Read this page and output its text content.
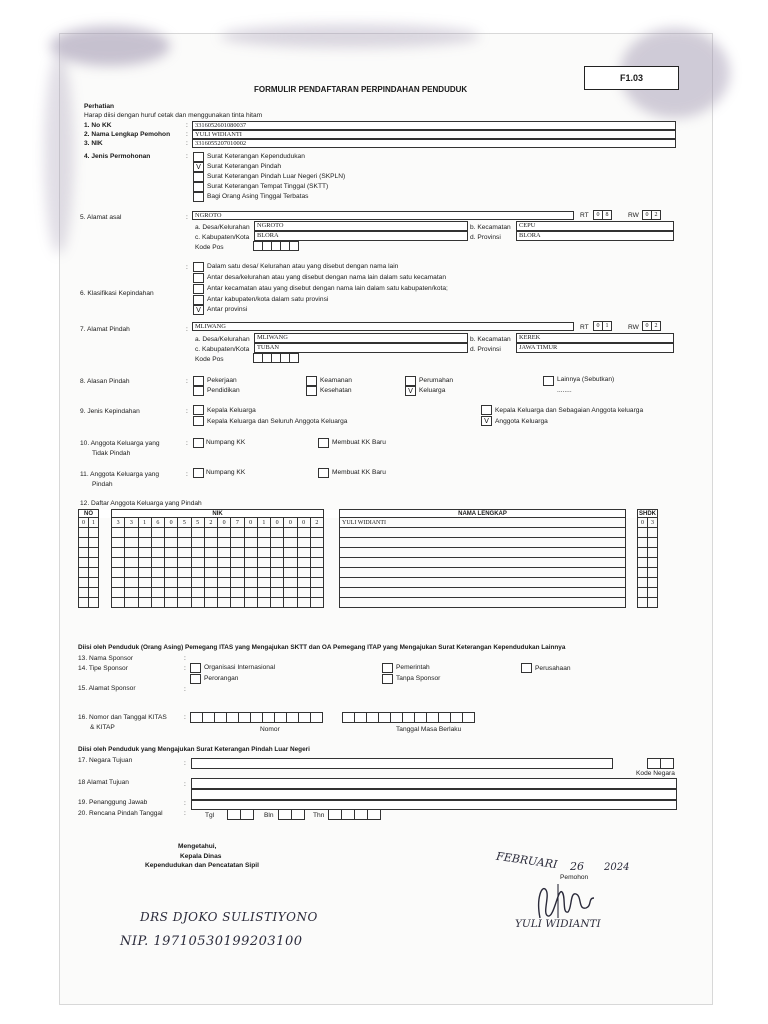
F1.03
FORMULIR PENDAFTARAN PERPINDAHAN PENDUDUK
Perhatian
Harap diisi dengan huruf cetak dan menggunakan tinta hitam
1. No KK	: 3316052601080037
2. Nama Lengkap Pemohon : YULI WIDIANTI
3. NIK	: 3316055207010002
4. Jenis Permohonan	:	Surat Keterangan Kependudukan
V Surat Keterangan Pindah
Surat Keterangan Pindah Luar Negeri (SKPLN)
Surat Keterangan Tempat Tinggal (SKTT)
Bagi Orang Asing Tinggal Terbatas
5. Alamat asal	: NGROTO	RT	0	8	RW	0	2
a. Desa/Kelurahan NGROTO	b. Kecamatan CEPU
c. Kabupaten/Kota BLORA	d. Provinsi	BLORA
Kode Pos
6. Klasifikasi Kepindahan
:	Dalam satu desa/ Kelurahan atau yang disebut dengan nama lain
Antar desa/kelurahan atau yang disebut dengan nama lain dalam satu kecamatan
Antar kecamatan atau yang disebut dengan nama lain dalam satu kabupaten/kota;
Antar kabupaten/kota dalam satu provinsi
V Antar provinsi
7. Alamat Pindah	: MLIWANG	RT	0	1	RW	0	2
a. Desa/Kelurahan MLIWANG	b. Kecamatan KEREK
c. Kabupaten/Kota TUBAN	d. Provinsi	JAWA TIMUR
Kode Pos
8. Alasan Pindah	:	Pekerjaan
Pendidikan
Keamanan
Kesehatan
Perumahan
V Keluarga
Lainnya (Sebutkan)
........
9. Jenis Kepindahan	:	Kepala Keluarga
Kepala Keluarga dan Seluruh Anggota Keluarga
Kepala Keluarga dan Sebagaian Anggota keluarga
V Anggota Keluarga
10. Anggota Keluarga yang
Tidak Pindah
:	Numpang KK	Membuat KK Baru
11. Anggota Keluarga yang
Pindah
:	Numpang KK	Membuat KK Baru
12. Daftar Anggota Keluarga yang Pindah
NO			NIK																	NAMA LENGKAP		SHDK	
0	1		3	3	1	6	0	5	5	2	0	7	0	1	0	0	0	2		YULI WIDIANTI		0	3

Diisi oleh Penduduk (Orang Asing) Pemegang ITAS yang Mengajukan SKTT dan OA Pemegang ITAP yang Mengajukan Surat Keterangan Kependudukan Lainnya
13. Nama Sponsor	:
14. Tipe Sponsor	:	Organisasi Internasional
Perorangan
Pemerintah
Tanpa Sponsor
Perusahaan
15. Alamat Sponsor	:
16. Nomor dan Tanggal KITAS
& KITAP
:
Nomor	Tanggal Masa Berlaku
Diisi oleh Penduduk yang Mengajukan Surat Keterangan Pindah Luar Negeri
17. Negara Tujuan	:
Kode Negara
18 Alamat Tujuan	:
19. Penanggung Jawab	:
20. Rencana Pindah Tanggal	:	Tgl	Bln	Thn
Mengetahui,
Kepala Dinas
Kependudukan dan Pencatatan Sipil
DRS DJOKO SULISTIYONO
NIP. 19710530199203100
FEBRUARI 26 2024
Pemohon
YULI WIDIANTI
